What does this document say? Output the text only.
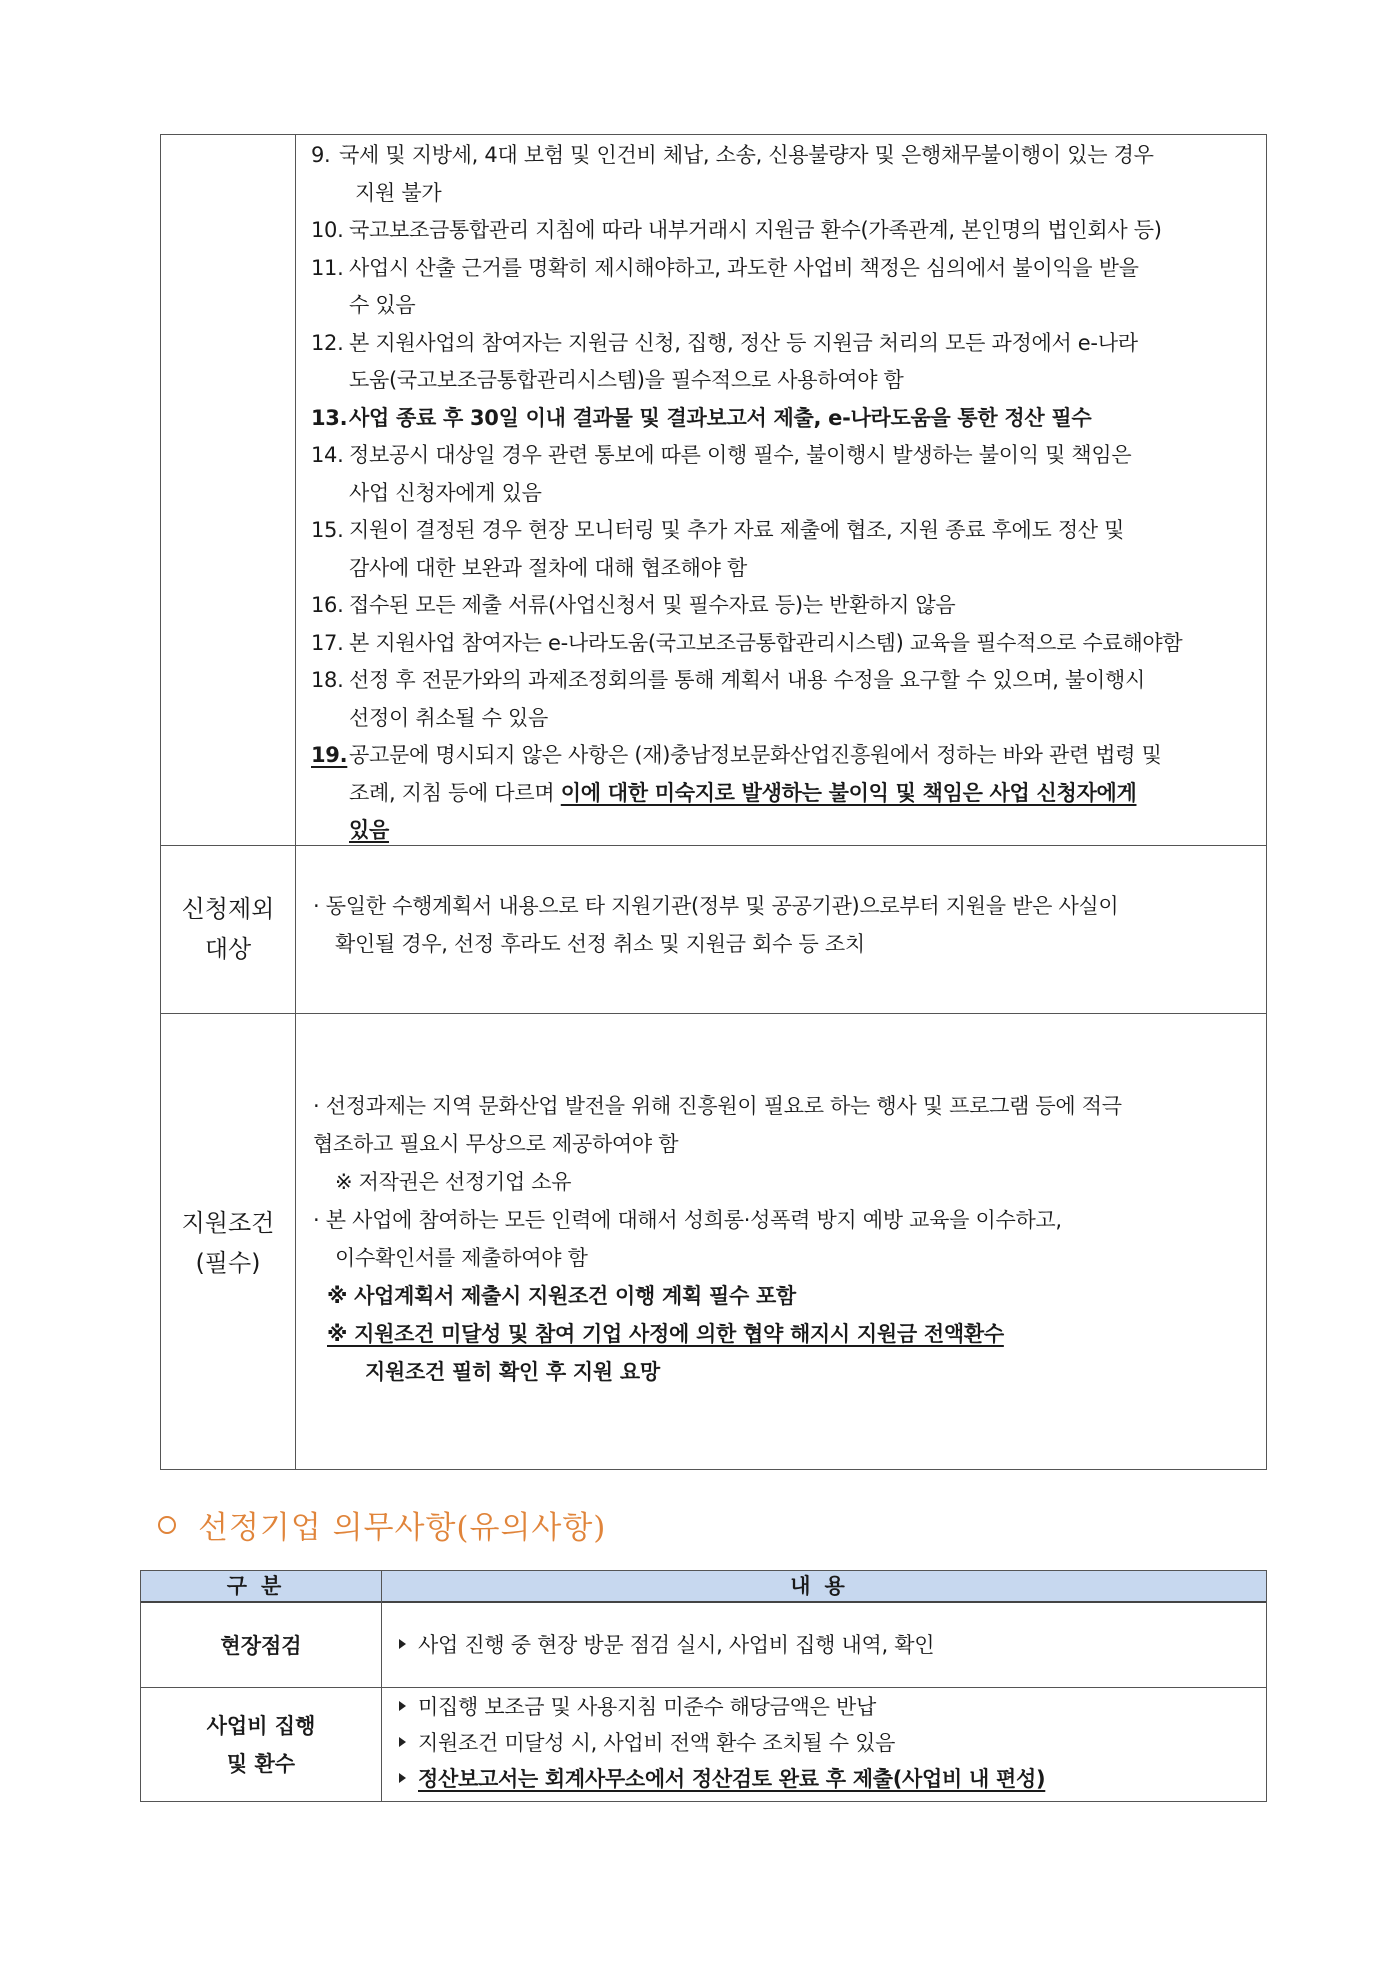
9. 국세 및 지방세, 4대 보험 및 인건비 체납, 소송, 신용불량자 및 은행채무불이행이 있는 경우
지원 불가
10. 국고보조금통합관리 지침에 따라 내부거래시 지원금 환수(가족관계, 본인명의 법인회사 등)
11. 사업시 산출 근거를 명확히 제시해야하고, 과도한 사업비 책정은 심의에서 불이익을 받을
수 있음
12. 본 지원사업의 참여자는 지원금 신청, 집행, 정산 등 지원금 처리의 모든 과정에서 e-나라
도움(국고보조금통합관리시스템)을 필수적으로 사용하여야 함
13. 사업 종료 후 30일 이내 결과물 및 결과보고서 제출, e-나라도움을 통한 정산 필수
14. 정보공시 대상일 경우 관련 통보에 따른 이행 필수, 불이행시 발생하는 불이익 및 책임은
사업 신청자에게 있음
15. 지원이 결정된 경우 현장 모니터링 및 추가 자료 제출에 협조, 지원 종료 후에도 정산 및
감사에 대한 보완과 절차에 대해 협조해야 함
16. 접수된 모든 제출 서류(사업신청서 및 필수자료 등)는 반환하지 않음
17. 본 지원사업 참여자는 e-나라도움(국고보조금통합관리시스템) 교육을 필수적으로 수료해야함
18. 선정 후 전문가와의 과제조정회의를 통해 계획서 내용 수정을 요구할 수 있으며, 불이행시
선정이 취소될 수 있음
19. 공고문에 명시되지 않은 사항은 (재)충남정보문화산업진흥원에서 정하는 바와 관련 법령 및
조례, 지침 등에 다르며 이에 대한 미숙지로 발생하는 불이익 및 책임은 사업 신청자에게
있음
신청제외
대상
· 동일한 수행계획서 내용으로 타 지원기관(정부 및 공공기관)으로부터 지원을 받은 사실이
확인될 경우, 선정 후라도 선정 취소 및 지원금 회수 등 조치
지원조건
(필수)
· 선정과제는 지역 문화산업 발전을 위해 진흥원이 필요로 하는 행사 및 프로그램 등에 적극
협조하고 필요시 무상으로 제공하여야 함
※ 저작권은 선정기업 소유
· 본 사업에 참여하는 모든 인력에 대해서 성희롱·성폭력 방지 예방 교육을 이수하고,
이수확인서를 제출하여야 함
※ 사업계획서 제출시 지원조건 이행 계획 필수 포함
※ 지원조건 미달성 및 참여 기업 사정에 의한 협약 해지시 지원금 전액환수
지원조건 필히 확인 후 지원 요망
선정기업 의무사항(유의사항)
구분	내용
현장점검	사업 진행 중 현장 방문 점검 실시, 사업비 집행 내역, 확인
사업비 집행
및 환수
미집행 보조금 및 사용지침 미준수 해당금액은 반납
지원조건 미달성 시, 사업비 전액 환수 조치될 수 있음
정산보고서는 회계사무소에서 정산검토 완료 후 제출(사업비 내 편성)
